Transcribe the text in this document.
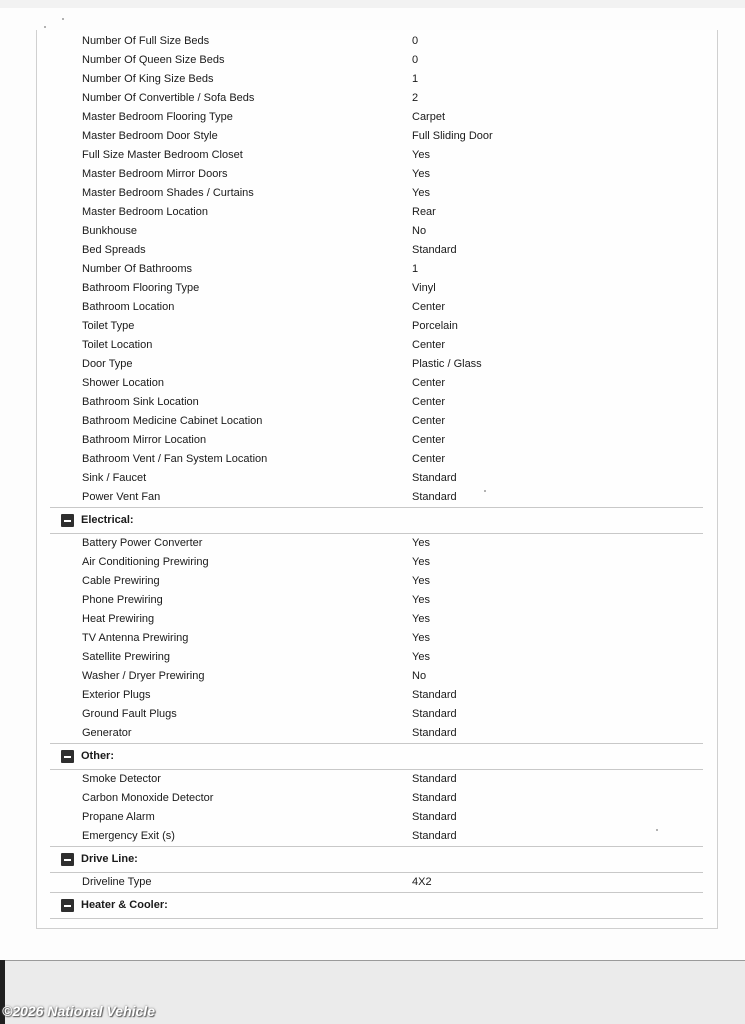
Number Of Full Size Beds	0
Number Of Queen Size Beds	0
Number Of King Size Beds	1
Number Of Convertible / Sofa Beds	2
Master Bedroom Flooring Type	Carpet
Master Bedroom Door Style	Full Sliding Door
Full Size Master Bedroom Closet	Yes
Master Bedroom Mirror Doors	Yes
Master Bedroom Shades / Curtains	Yes
Master Bedroom Location	Rear
Bunkhouse	No
Bed Spreads	Standard
Number Of Bathrooms	1
Bathroom Flooring Type	Vinyl
Bathroom Location	Center
Toilet Type	Porcelain
Toilet Location	Center
Door Type	Plastic / Glass
Shower Location	Center
Bathroom Sink Location	Center
Bathroom Medicine Cabinet Location	Center
Bathroom Mirror Location	Center
Bathroom Vent / Fan System Location	Center
Sink / Faucet	Standard
Power Vent Fan	Standard
Electrical:
Battery Power Converter	Yes
Air Conditioning Prewiring	Yes
Cable Prewiring	Yes
Phone Prewiring	Yes
Heat Prewiring	Yes
TV Antenna Prewiring	Yes
Satellite Prewiring	Yes
Washer / Dryer Prewiring	No
Exterior Plugs	Standard
Ground Fault Plugs	Standard
Generator	Standard
Other:
Smoke Detector	Standard
Carbon Monoxide Detector	Standard
Propane Alarm	Standard
Emergency Exit (s)	Standard
Drive Line:
Driveline Type	4X2
Heater & Cooler:
©2026 National Vehicle
